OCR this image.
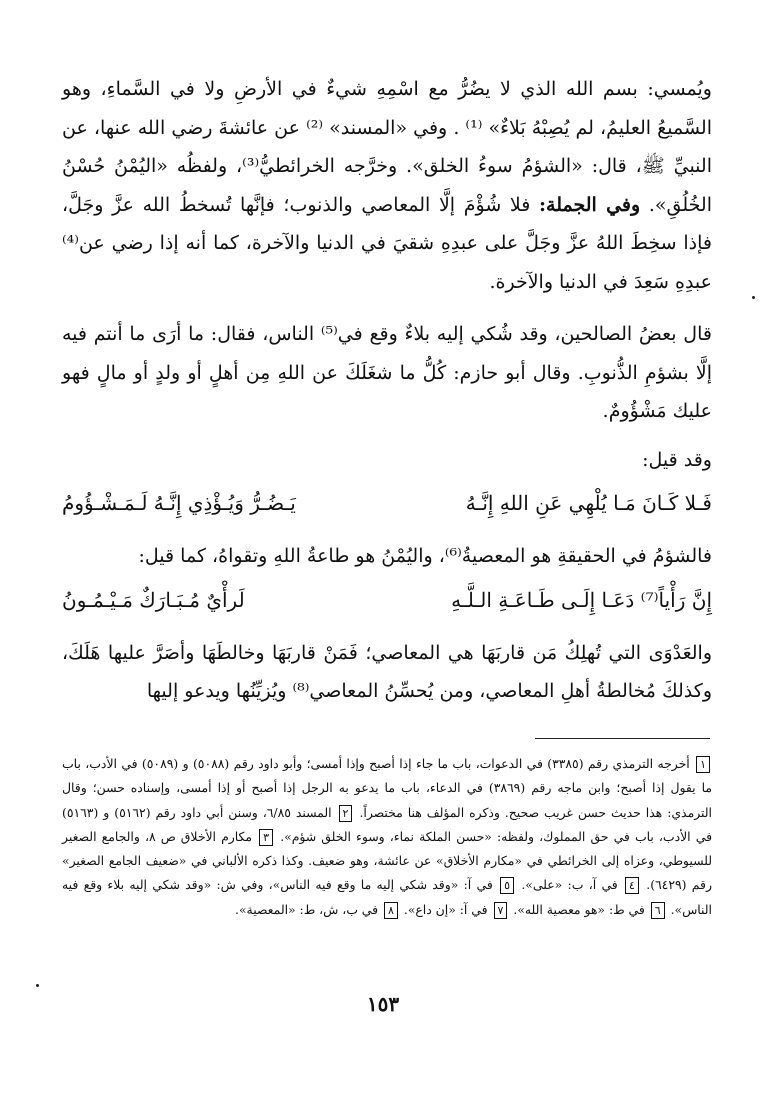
ويُمسي: بسم الله الذي لا يضُرُّ مع اسْمِهِ شيءٌ في الأرضِ ولا في السَّماءِ، وهو السَّميعُ العليمُ، لم يُصِبْهُ بَلاءٌ» ⁽¹⁾ . وفي «المسند» ⁽²⁾ عن عائشةَ رضي الله عنها، عن النبيِّ ﷺ، قال: «الشؤمُ سوءُ الخلق». وخرَّجه الخرائطيُّ⁽³⁾، ولفظُه «اليُمْنُ حُسْنُ الخُلُقِ». وفي الجملة: فلا شُؤْمَ إلَّا المعاصي والذنوب؛ فإنَّها تُسخطُ الله عزَّ وجَلَّ، فإذا سخِطَ اللهُ عزَّ وجَلَّ على عبدِهِ شقيَ في الدنيا والآخرة، كما أنه إذا رضي عن⁽⁴⁾ عبدِهِ سَعِدَ في الدنيا والآخرة.

قال بعضُ الصالحين، وقد شُكي إليه بلاءٌ وقع في⁽⁵⁾ الناس، فقال: ما أرَى ما أنتم فيه إلَّا بشؤمِ الذُّنوبِ. وقال أبو حازم: كُلُّ ما شغَلَكَ عن اللهِ مِن أهلٍ أو ولدٍ أو مالٍ فهو عليك مَشْؤُومٌ.

وقد قيل:

فَـلا كَـانَ مَـا يُلْهِي عَنِ اللهِ إِنَّـهُ
يَـضُـرُّ وَيُـؤْذِي إِنَّـهُ لَـمَـشْـؤُومُ

فالشؤمُ في الحقيقةِ هو المعصيةُ⁽⁶⁾، واليُمْنُ هو طاعةُ اللهِ وتقواهُ، كما قيل:

إِنَّ رَأْياً⁽⁷⁾ دَعَـا إِلَـى طَـاعَـةِ الـلَّـهِ
لَرأْيٌ مُـبَـارَكٌ مَـيْـمُـونُ

والعَدْوَى التي تُهلِكُ مَن قاربَهَا هي المعاصي؛ فَمَنْ قاربَهَا وخالطَهَا وأصَرَّ عليها هَلَكَ، وكذلكَ مُخالطةُ أهلِ المعاصي، ومن يُحسِّنُ المعاصي⁽⁸⁾ ويُزيِّنُها ويدعو إليها

١ أخرجه الترمذي رقم (٣٣٨٥) في الدعوات، باب ما جاء إذا أصبح وإذا أمسى؛ وأبو داود رقم (٥٠٨٨) و (٥٠٨٩) في الأدب، باب ما يقول إذا أصبح؛ وابن ماجه رقم (٣٨٦٩) في الدعاء، باب ما يدعو به الرجل إذا أصبح أو إذا أمسى، وإسناده حسن؛ وقال الترمذي: هذا حديث حسن غريب صحيح. وذكره المؤلف هنا مختصراً. ٢ المسند ٦/٨٥، وسنن أبي داود رقم (٥١٦٢) و (٥١٦٣) في الأدب، باب في حق المملوك، ولفظه: «حسن الملكة نماء، وسوء الخلق شؤم». ٣ مكارم الأخلاق ص ٨، والجامع الصغير للسيوطي، وعزاه إلى الخرائطي في «مكارم الأخلاق» عن عائشة، وهو ضعيف. وكذا ذكره الألباني في «ضعيف الجامع الصغير» رقم (٦٤٢٩). ٤ في آ، ب: «على». ٥ في آ: «وقد شكي إليه ما وقع فيه الناس»، وفي ش: «وقد شكي إليه بلاء وقع فيه الناس». ٦ في ط: «هو معصية الله». ٧ في آ: «إن داع». ٨ في ب، ش، ط: «المعصية».

١٥٣
